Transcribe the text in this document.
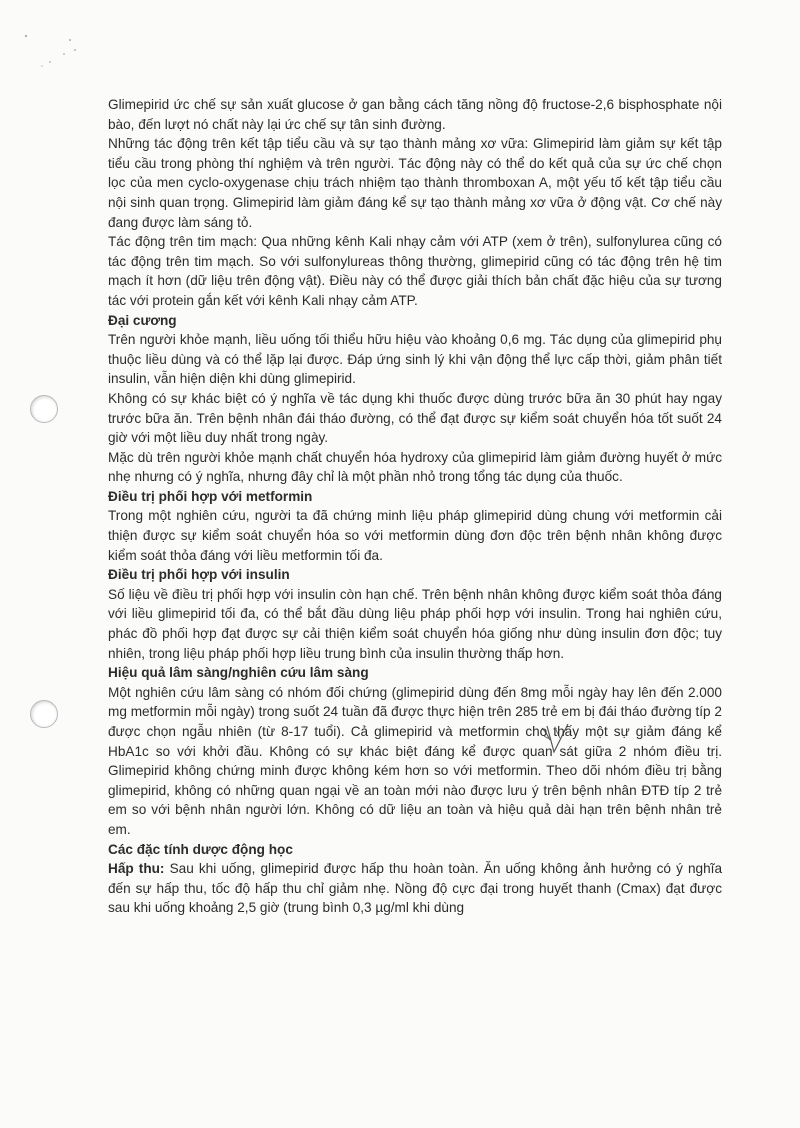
Glimepirid ức chế sự sản xuất glucose ở gan bằng cách tăng nồng độ fructose-2,6 bisphosphate nội bào, đến lượt nó chất này lại ức chế sự tân sinh đường.

Những tác động trên kết tập tiểu cầu và sự tạo thành mảng xơ vữa: Glimepirid làm giảm sự kết tập tiểu cầu trong phòng thí nghiệm và trên người. Tác động này có thể do kết quả của sự ức chế chọn lọc của men cyclo-oxygenase chịu trách nhiệm tạo thành thromboxan A, một yếu tố kết tập tiểu cầu nội sinh quan trọng. Glimepirid làm giảm đáng kể sự tạo thành mảng xơ vữa ở động vật. Cơ chế này đang được làm sáng tỏ.

Tác động trên tim mạch: Qua những kênh Kali nhạy cảm với ATP (xem ở trên), sulfonylurea cũng có tác động trên tim mạch. So với sulfonylureas thông thường, glimepirid cũng có tác động trên hệ tim mạch ít hơn (dữ liệu trên động vật). Điều này có thể được giải thích bản chất đặc hiệu của sự tương tác với protein gắn kết với kênh Kali nhạy cảm ATP.

Đại cương

Trên người khỏe mạnh, liều uống tối thiểu hữu hiệu vào khoảng 0,6 mg. Tác dụng của glimepirid phụ thuộc liều dùng và có thể lặp lại được. Đáp ứng sinh lý khi vận động thể lực cấp thời, giảm phân tiết insulin, vẫn hiện diện khi dùng glimepirid.

Không có sự khác biệt có ý nghĩa về tác dụng khi thuốc được dùng trước bữa ăn 30 phút hay ngay trước bữa ăn. Trên bệnh nhân đái tháo đường, có thể đạt được sự kiểm soát chuyển hóa tốt suốt 24 giờ với một liều duy nhất trong ngày.

Mặc dù trên người khỏe mạnh chất chuyển hóa hydroxy của glimepirid làm giảm đường huyết ở mức nhẹ nhưng có ý nghĩa, nhưng đây chỉ là một phần nhỏ trong tổng tác dụng của thuốc.

Điều trị phối hợp với metformin

Trong một nghiên cứu, người ta đã chứng minh liệu pháp glimepirid dùng chung với metformin cải thiện được sự kiểm soát chuyển hóa so với metformin dùng đơn độc trên bệnh nhân không được kiểm soát thỏa đáng với liều metformin tối đa.

Điều trị phối hợp với insulin

Số liệu về điều trị phối hợp với insulin còn hạn chế. Trên bệnh nhân không được kiểm soát thỏa đáng với liều glimepirid tối đa, có thể bắt đầu dùng liệu pháp phối hợp với insulin. Trong hai nghiên cứu, phác đồ phối hợp đạt được sự cải thiện kiểm soát chuyển hóa giống như dùng insulin đơn độc; tuy nhiên, trong liệu pháp phối hợp liều trung bình của insulin thường thấp hơn.

Hiệu quả lâm sàng/nghiên cứu lâm sàng

Một nghiên cứu lâm sàng có nhóm đối chứng (glimepirid dùng đến 8mg mỗi ngày hay lên đến 2.000 mg metformin mỗi ngày) trong suốt 24 tuần đã được thực hiện trên 285 trẻ em bị đái tháo đường típ 2 được chọn ngẫu nhiên (từ 8-17 tuổi). Cả glimepirid và metformin cho thấy một sự giảm đáng kể HbA1c so với khởi đầu. Không có sự khác biệt đáng kể được quan sát giữa 2 nhóm điều trị. Glimepirid không chứng minh được không kém hơn so với metformin. Theo dõi nhóm điều trị bằng glimepirid, không có những quan ngại về an toàn mới nào được lưu ý trên bệnh nhân ĐTĐ típ 2 trẻ em so với bệnh nhân người lớn. Không có dữ liệu an toàn và hiệu quả dài hạn trên bệnh nhân trẻ em.

Các đặc tính dược động học

Hấp thu: Sau khi uống, glimepirid được hấp thu hoàn toàn. Ăn uống không ảnh hưởng có ý nghĩa đến sự hấp thu, tốc độ hấp thu chỉ giảm nhẹ. Nồng độ cực đại trong huyết thanh (Cmax) đạt được sau khi uống khoảng 2,5 giờ (trung bình 0,3 µg/ml khi dùng
